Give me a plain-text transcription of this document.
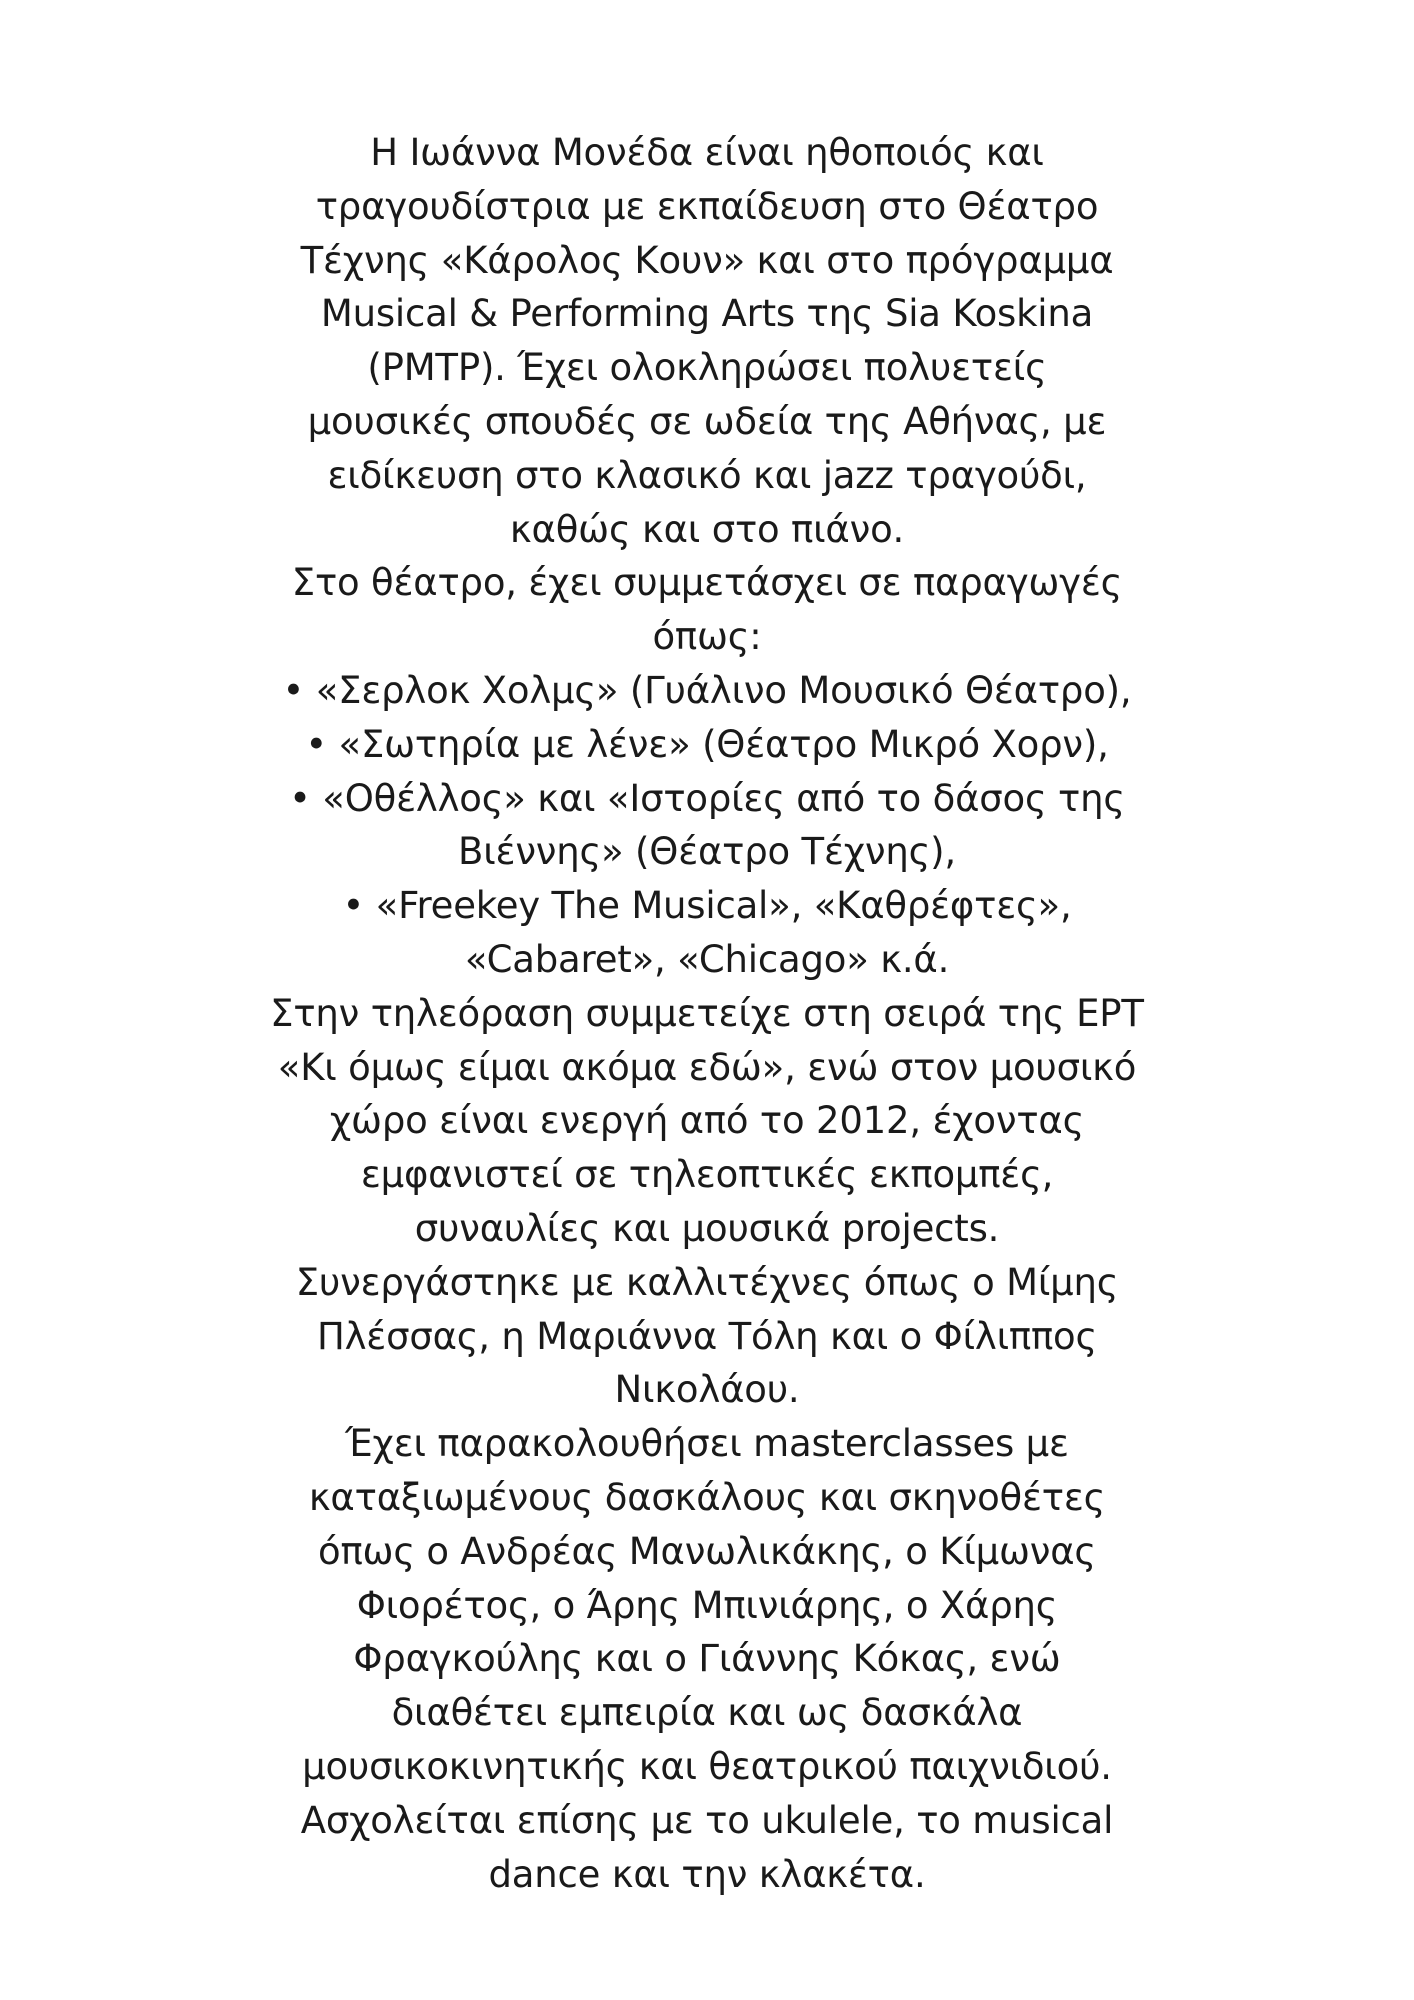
Η Ιωάννα Μονέδα είναι ηθοποιός και
τραγουδίστρια με εκπαίδευση στο Θέατρο
Τέχνης «Κάρολος Κουν» και στο πρόγραμμα
Musical & Performing Arts της Sia Koskina
(PMTP). Έχει ολοκληρώσει πολυετείς
μουσικές σπουδές σε ωδεία της Αθήνας, με
ειδίκευση στο κλασικό και jazz τραγούδι,
καθώς και στο πιάνο.
Στο θέατρο, έχει συμμετάσχει σε παραγωγές
όπως:
• «Σερλοκ Χολμς» (Γυάλινο Μουσικό Θέατρο),
• «Σωτηρία με λένε» (Θέατρο Μικρό Χορν),
• «Οθέλλος» και «Ιστορίες από το δάσος της
Βιέννης» (Θέατρο Τέχνης),
• «Freekey The Musical», «Καθρέφτες»,
«Cabaret», «Chicago» κ.ά.
Στην τηλεόραση συμμετείχε στη σειρά της ΕΡΤ
«Κι όμως είμαι ακόμα εδώ», ενώ στον μουσικό
χώρο είναι ενεργή από το 2012, έχοντας
εμφανιστεί σε τηλεοπτικές εκπομπές,
συναυλίες και μουσικά projects.
Συνεργάστηκε με καλλιτέχνες όπως ο Μίμης
Πλέσσας, η Μαριάννα Τόλη και ο Φίλιππος
Νικολάου.
Έχει παρακολουθήσει masterclasses με
καταξιωμένους δασκάλους και σκηνοθέτες
όπως ο Ανδρέας Μανωλικάκης, ο Κίμωνας
Φιορέτος, ο Άρης Μπινιάρης, ο Χάρης
Φραγκούλης και ο Γιάννης Κόκας, ενώ
διαθέτει εμπειρία και ως δασκάλα
μουσικοκινητικής και θεατρικού παιχνιδιού.
Ασχολείται επίσης με το ukulele, το musical
dance και την κλακέτα.
